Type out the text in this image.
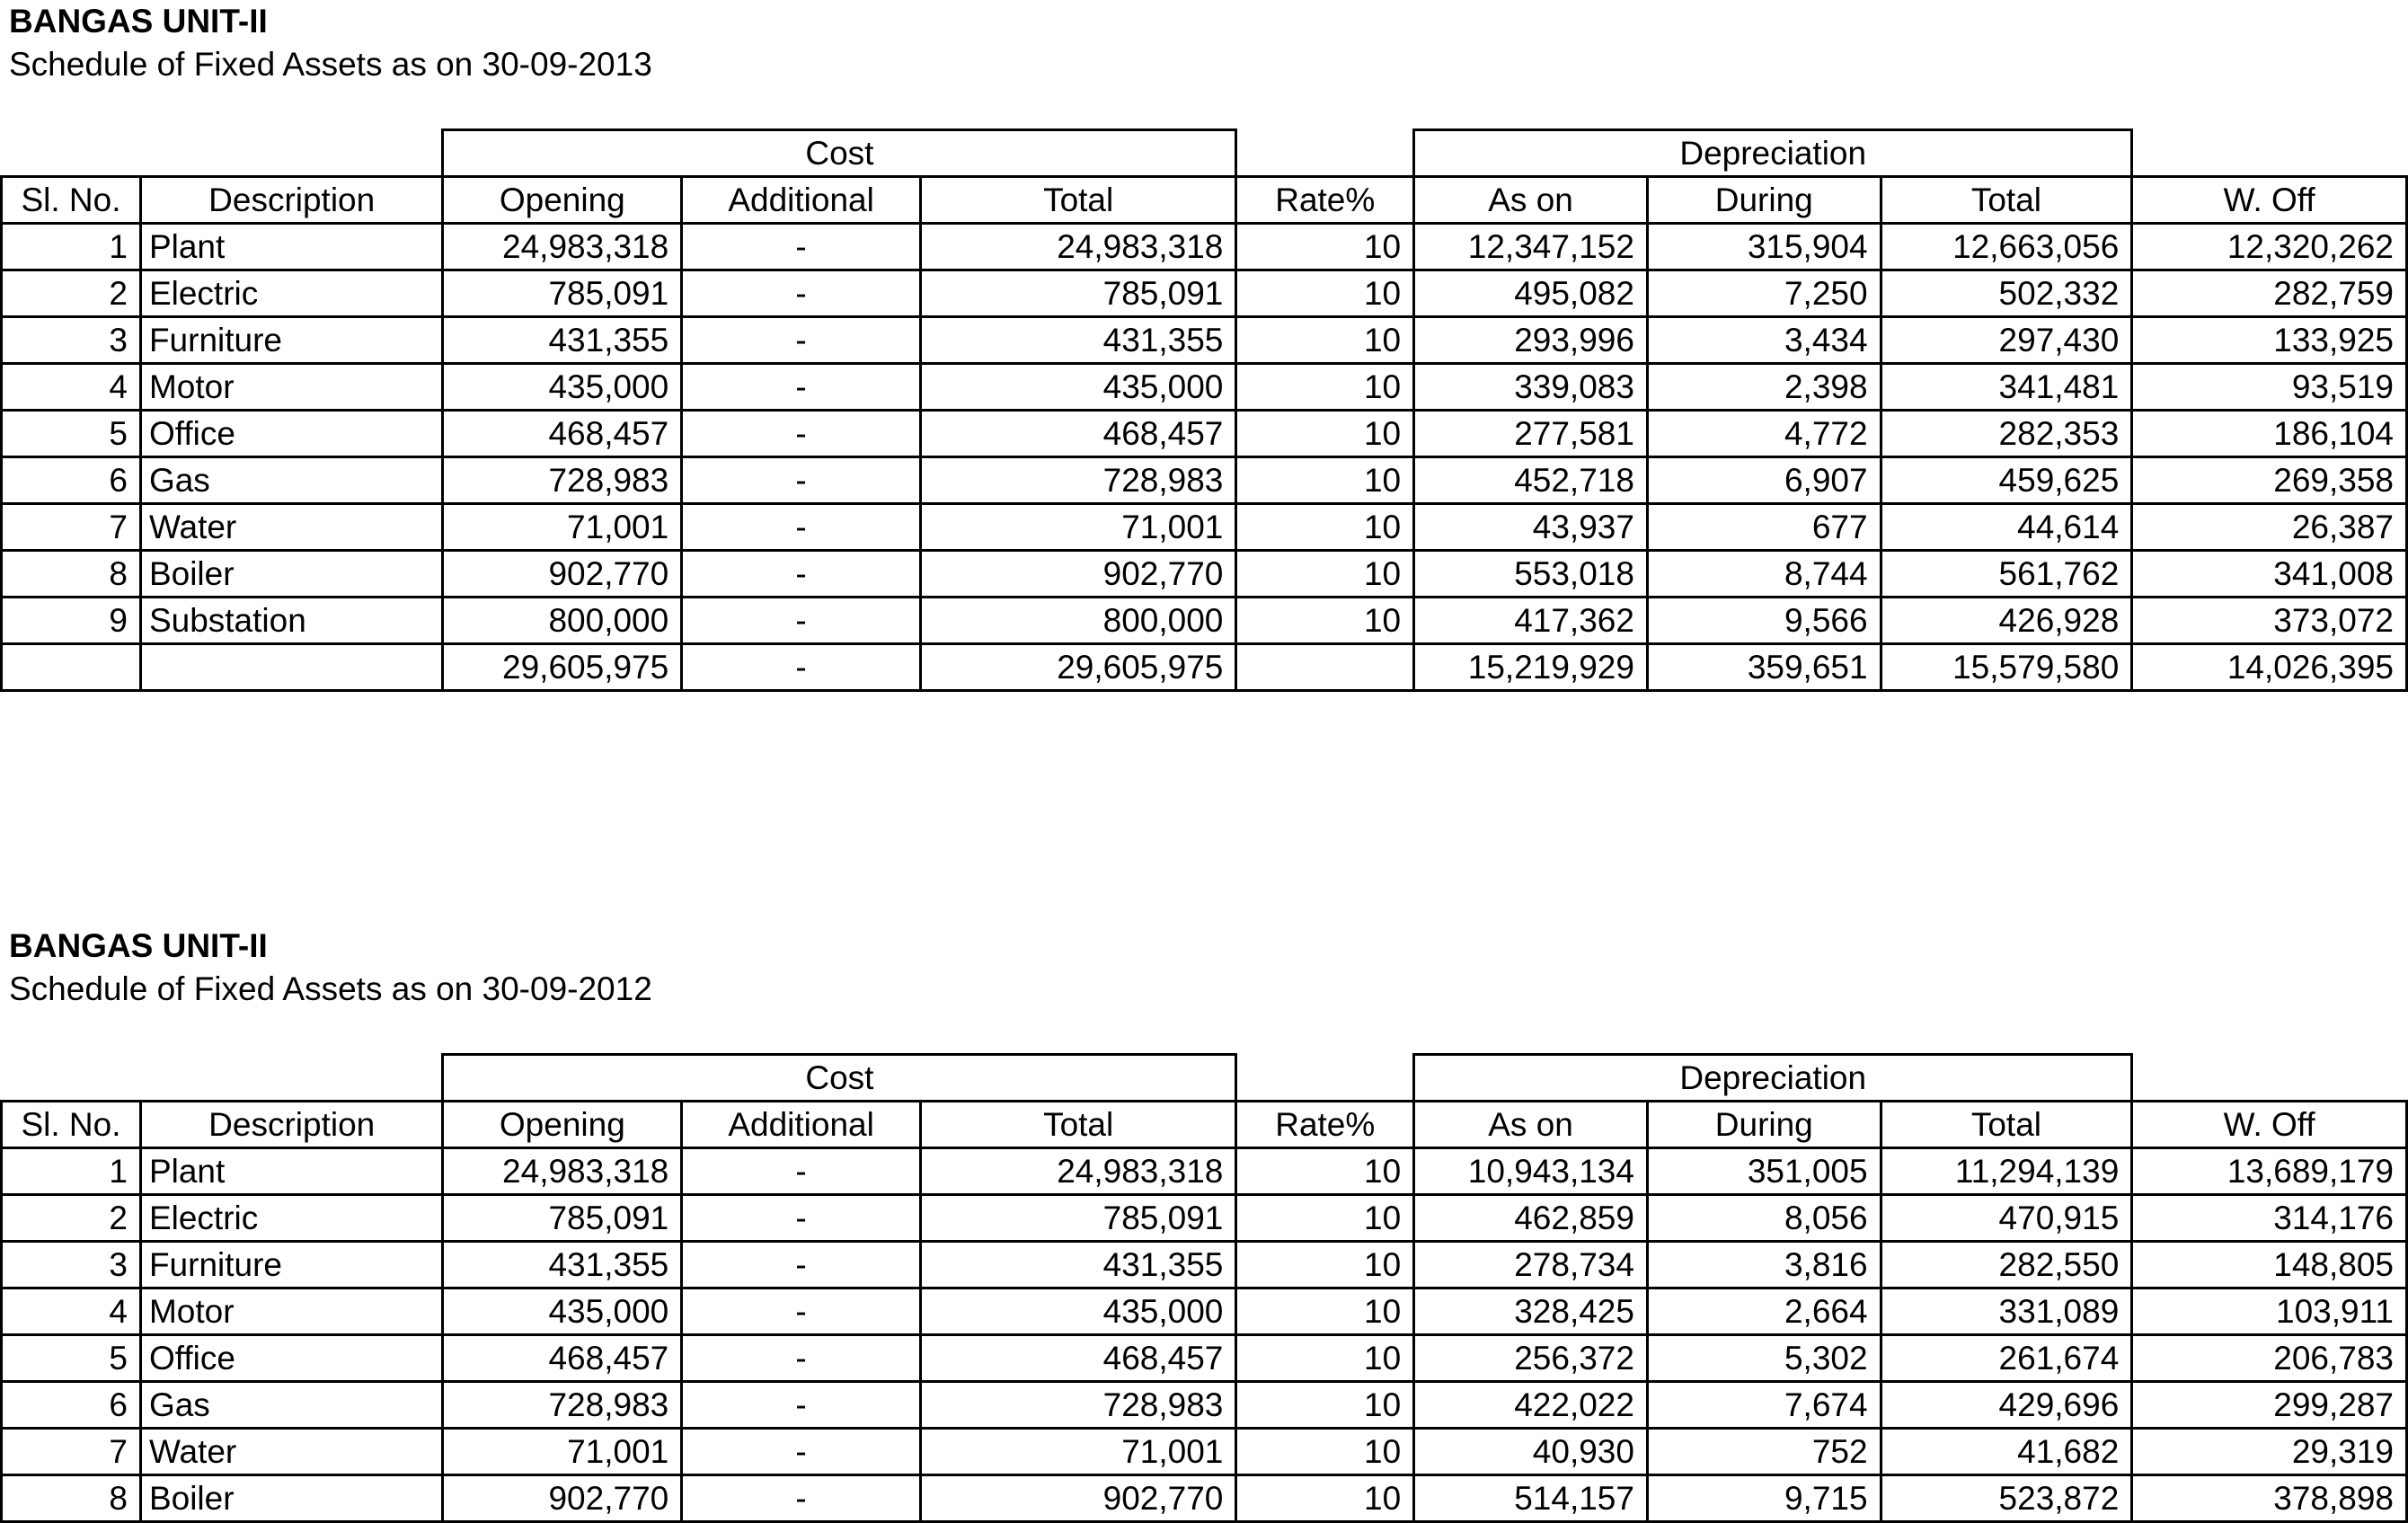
BANGAS UNIT-II
Schedule of Fixed Assets as on 30-09-2013
		Cost				Depreciation			
Sl. No.	Description	Opening	Additional	Total	Rate%	As on	During	Total	W. Off
1	Plant	24,983,318	-	24,983,318	10	12,347,152	315,904	12,663,056	12,320,262
2	Electric	785,091	-	785,091	10	495,082	7,250	502,332	282,759
3	Furniture	431,355	-	431,355	10	293,996	3,434	297,430	133,925
4	Motor	435,000	-	435,000	10	339,083	2,398	341,481	93,519
5	Office	468,457	-	468,457	10	277,581	4,772	282,353	186,104
6	Gas	728,983	-	728,983	10	452,718	6,907	459,625	269,358
7	Water	71,001	-	71,001	10	43,937	677	44,614	26,387
8	Boiler	902,770	-	902,770	10	553,018	8,744	561,762	341,008
9	Substation	800,000	-	800,000	10	417,362	9,566	426,928	373,072
		29,605,975	-	29,605,975		15,219,929	359,651	15,579,580	14,026,395
BANGAS UNIT-II
Schedule of Fixed Assets as on 30-09-2012
		Cost				Depreciation			
Sl. No.	Description	Opening	Additional	Total	Rate%	As on	During	Total	W. Off
1	Plant	24,983,318	-	24,983,318	10	10,943,134	351,005	11,294,139	13,689,179
2	Electric	785,091	-	785,091	10	462,859	8,056	470,915	314,176
3	Furniture	431,355	-	431,355	10	278,734	3,816	282,550	148,805
4	Motor	435,000	-	435,000	10	328,425	2,664	331,089	103,911
5	Office	468,457	-	468,457	10	256,372	5,302	261,674	206,783
6	Gas	728,983	-	728,983	10	422,022	7,674	429,696	299,287
7	Water	71,001	-	71,001	10	40,930	752	41,682	29,319
8	Boiler	902,770	-	902,770	10	514,157	9,715	523,872	378,898
